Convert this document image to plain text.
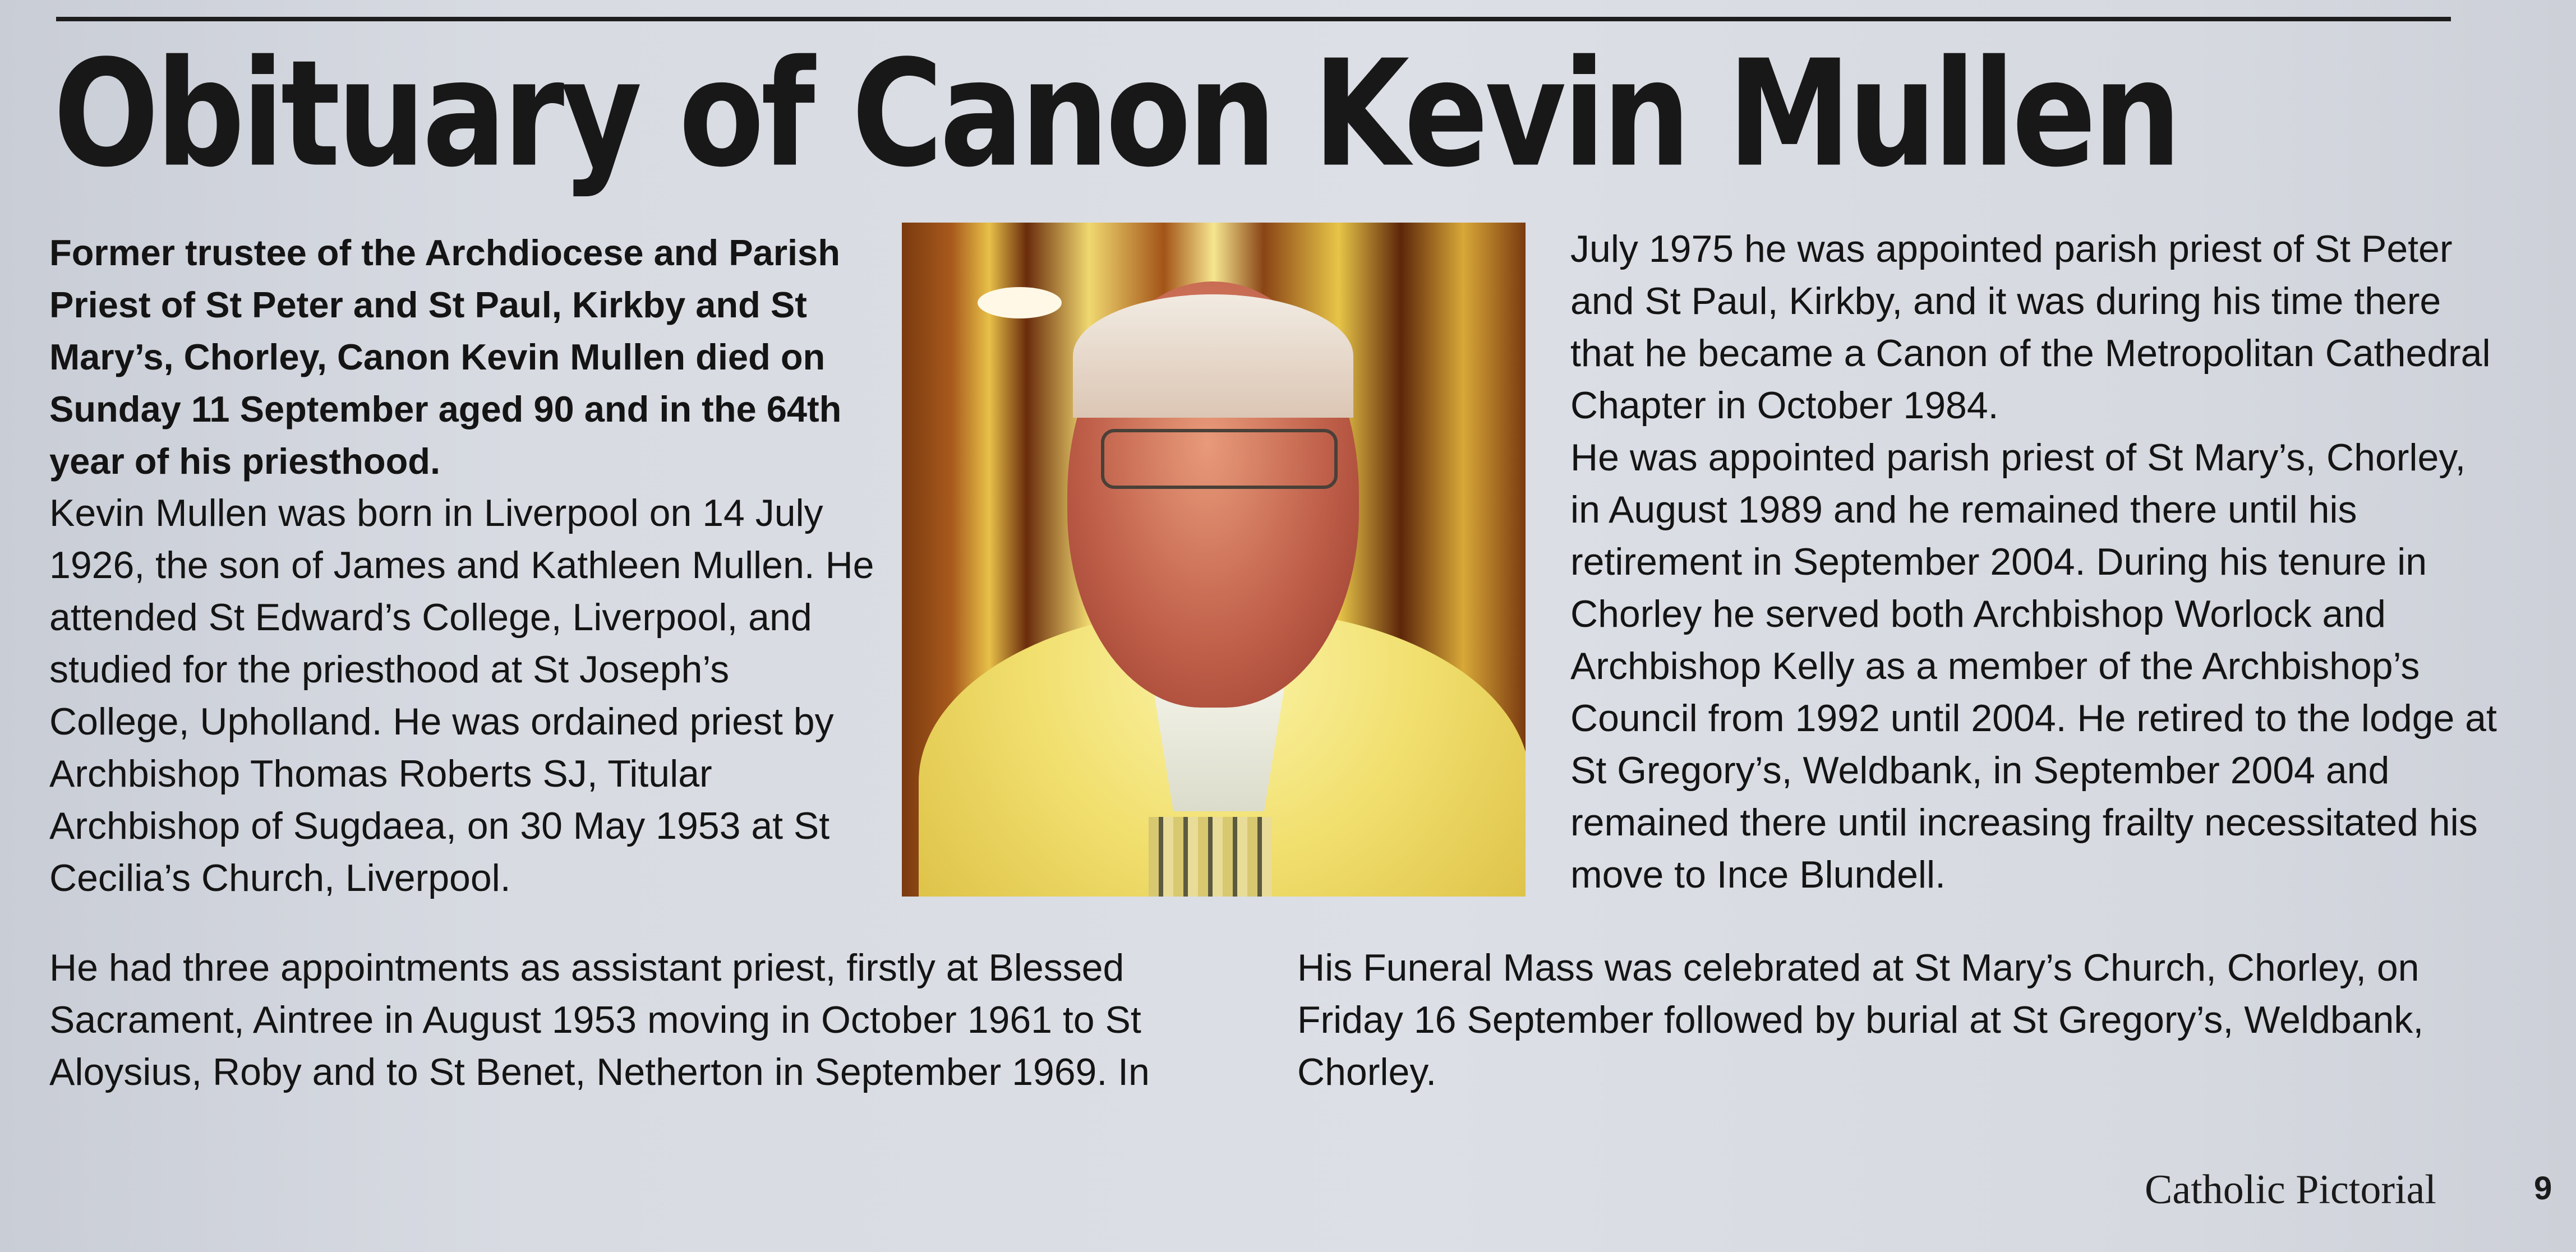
Obituary of Canon Kevin Mullen

Former trustee of the Archdiocese and Parish Priest of St Peter and St Paul, Kirkby and St Mary’s, Chorley, Canon Kevin Mullen died on Sunday 11 September aged 90 and in the 64th year of his priesthood.

Kevin Mullen was born in Liverpool on 14 July 1926, the son of James and Kathleen Mullen. He attended St Edward’s College, Liverpool, and studied for the priesthood at St Joseph’s College, Upholland. He was ordained priest by Archbishop Thomas Roberts SJ, Titular Archbishop of Sugdaea, on 30 May 1953 at St Cecilia’s Church, Liverpool.

July 1975 he was appointed parish priest of St Peter and St Paul, Kirkby, and it was during his time there that he became a Canon of the Metropolitan Cathedral Chapter in October 1984.

He was appointed parish priest of St Mary’s, Chorley, in August 1989 and he remained there until his retirement in September 2004. During his tenure in Chorley he served both Archbishop Worlock and Archbishop Kelly as a member of the Archbishop’s Council from 1992 until 2004. He retired to the lodge at St Gregory’s, Weldbank, in September 2004 and remained there until increasing frailty necessitated his move to Ince Blundell.

He had three appointments as assistant priest, firstly at Blessed Sacrament, Aintree in August 1953 moving in October 1961 to St Aloysius, Roby and to St Benet, Netherton in September 1969. In

His Funeral Mass was celebrated at St Mary’s Church, Chorley, on Friday 16 September followed by burial at St Gregory’s, Weldbank, Chorley.

Catholic Pictorial	9
